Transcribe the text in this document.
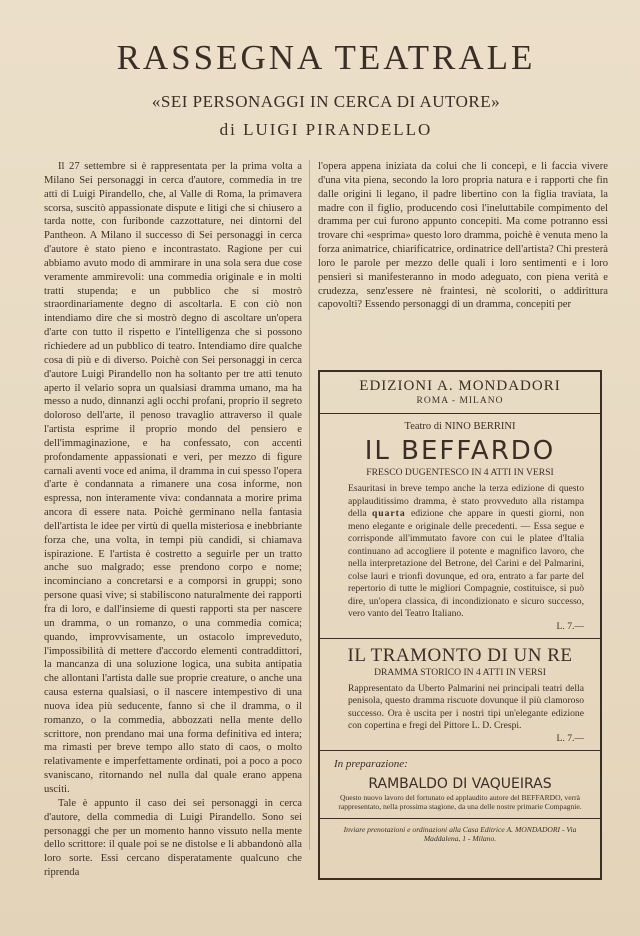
RASSEGNA TEATRALE
«SEI PERSONAGGI IN CERCA DI AUTORE»
di LUIGI PIRANDELLO

Il 27 settembre si è rappresentata per la prima volta a Milano Sei personaggi in cerca d'autore, commedia in tre atti di Luigi Pirandello, che, al Valle di Roma, la primavera scorsa, suscitò appassionate dispute e litigi che si chiusero a tarda notte, con furibonde cazzottature, nei dintorni del Pantheon. A Milano il successo di Sei personaggi in cerca d'autore è stato pieno e incontrastato. Ragione per cui abbiamo avuto modo di ammirare in una sola sera due cose veramente ammirevoli: una commedia originale e in molti tratti stupenda; e un pubblico che si mostrò straordinariamente degno di ascoltarla. E con ciò non intendiamo dire che si mostrò degno di ascoltare un'opera d'arte con tutto il rispetto e l'intelligenza che si possono richiedere ad un pubblico di teatro. Intendiamo dire qualche cosa di più e di diverso. Poichè con Sei personaggi in cerca d'autore Luigi Pirandello non ha soltanto per tre atti tenuto aperto il velario sopra un qualsiasi dramma umano, ma ha messo a nudo, dinnanzi agli occhi profani, proprio il segreto doloroso dell'arte, il penoso travaglio attraverso il quale l'artista esprime il proprio mondo del pensiero e dell'immaginazione, e ha confessato, con accenti profondamente appassionati e veri, per mezzo di figure carnali aventi voce ed anima, il dramma in cui spesso l'opera d'arte è condannata a rimanere una cosa informe, non espressa, non interamente viva: condannata a morire prima ancora di essere nata. Poichè germinano nella fantasia dell'artista le idee per virtù di quella misteriosa e inebbriante forza che, una volta, in tempi più candidi, si chiamava ispirazione. E l'artista è costretto a seguirle per un tratto anche suo malgrado; esse prendono corpo e nome; incominciano a concretarsi e a comporsi in gruppi; sono persone quasi vive; si stabiliscono naturalmente dei rapporti fra di loro, e dall'insieme di questi rapporti sta per nascere un dramma, o un romanzo, o una commedia comica; quando, improvvisamente, un ostacolo impreveduto, l'impossibilità di mettere d'accordo elementi contraddittori, la mancanza di una soluzione logica, una subita antipatia che allontani l'artista dalle sue proprie creature, o anche una causa esterna qualsiasi, o il nascere intempestivo di una nuova idea più seducente, fanno sì che il dramma, o il romanzo, o la commedia, abbozzati nella mente dello scrittore, non prendano mai una forma definitiva ed intera; ma rimasti per breve tempo allo stato di caos, o molto relativamente e imperfettamente ordinati, poi a poco a poco svaniscano, ritornando nel nulla dal quale erano appena usciti.

Tale è appunto il caso dei sei personaggi in cerca d'autore, della commedia di Luigi Pirandello. Sono sei personaggi che per un momento hanno vissuto nella mente dello scrittore: il quale poi se ne distolse e li abbandonò alla loro sorte. Essi cercano disperatamente qualcuno che riprenda

l'opera appena iniziata da colui che li concepì, e li faccia vivere d'una vita piena, secondo la loro propria natura e i rapporti che fin dalle origini li legano, il padre libertino con la figlia traviata, la madre con il figlio, producendo così l'ineluttabile compimento del dramma per cui furono appunto concepiti. Ma come potranno essi trovare chi «esprima» questo loro dramma, poichè è venuta meno la forza animatrice, chiarificatrice, ordinatrice dell'artista? Chi presterà loro le parole per mezzo delle quali i loro sentimenti e i loro pensieri si manifesteranno in modo adeguato, con piena verità e crudezza, senz'essere nè fraintesi, nè scoloriti, o addirittura capovolti? Essendo personaggi di un dramma, concepiti per

EDIZIONI A. MONDADORI
ROMA - MILANO
Teatro di NINO BERRINI
IL BEFFARDO
FRESCO DUGENTESCO IN 4 ATTI IN VERSI
Esauritasi in breve tempo anche la terza edizione di questo applauditissimo dramma, è stato provveduto alla ristampa della quarta edizione che appare in questi giorni, non meno elegante e originale delle precedenti. — Essa segue e corrisponde all'immutato favore con cui le platee d'Italia continuano ad accogliere il potente e magnifico lavoro, che nella interpretazione del Betrone, del Carini e del Palmarini, colse lauri e trionfi dovunque, ed ora, entrato a far parte del repertorio di tutte le migliori Compagnie, costituisce, si può dire, un'opera classica, di incondizionato e sicuro successo, vero vanto del Teatro Italiano.
L. 7.—
IL TRAMONTO DI UN RE
DRAMMA STORICO IN 4 ATTI IN VERSI
Rappresentato da Uberto Palmarini nei principali teatri della penisola, questo dramma riscuote dovunque il più clamoroso successo. Ora è uscita per i nostri tipi un'elegante edizione con copertina e fregi del Pittore L. D. Crespi.
L. 7.—
In preparazione:
RAMBALDO DI VAQUEIRAS
Questo nuovo lavoro del fortunato ed applaudito autore del BEFFARDO, verrà rappresentato, nella prossima stagione, da una delle nostre primarie Compagnie.
Inviare prenotazioni e ordinazioni alla Casa Editrice A. MONDADORI - Via Maddalena, 1 - Milano.
